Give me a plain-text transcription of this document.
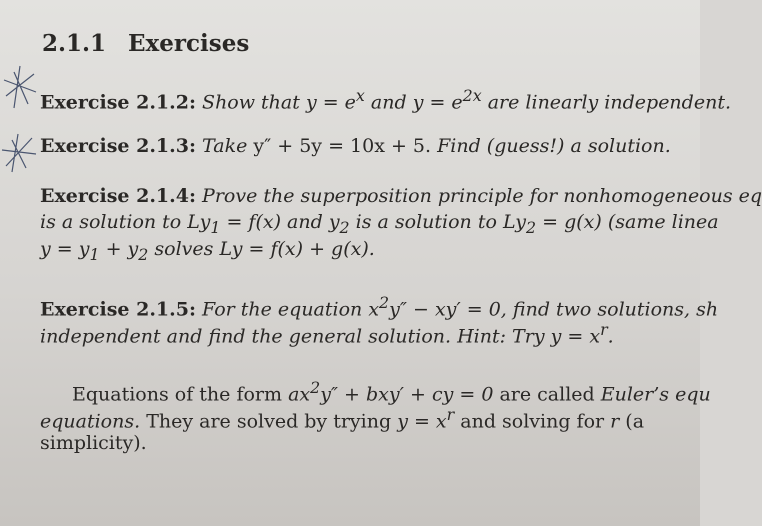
2.1.1 Exercises
Exercise 2.1.2: Show that $y = e^x$ and $y = e^{2x}$ are linearly independent.
Exercise 2.1.3: Take y″ + 5y = 10x + 5. Find (guess!) a solution.
Exercise 2.1.4: Prove the superposition principle for nonhomogeneous eq
is a solution to $Ly_1 = f(x)$ and $y_2$ is a solution to $Ly_2 = g(x)$ (same linea
$y = y_1 + y_2$ solves Ly = f(x) + g(x).
Exercise 2.1.5: For the equation $x^2y'' - xy' = 0$, find two solutions, sh
independent and find the general solution. Hint: Try $y = x^r$.
Equations of the form $ax^2y'' + bxy'$ + cy = 0 are called Euler’s equ
equations. They are solved by trying $y = x^r$ and solving for r (a
simplicity).
